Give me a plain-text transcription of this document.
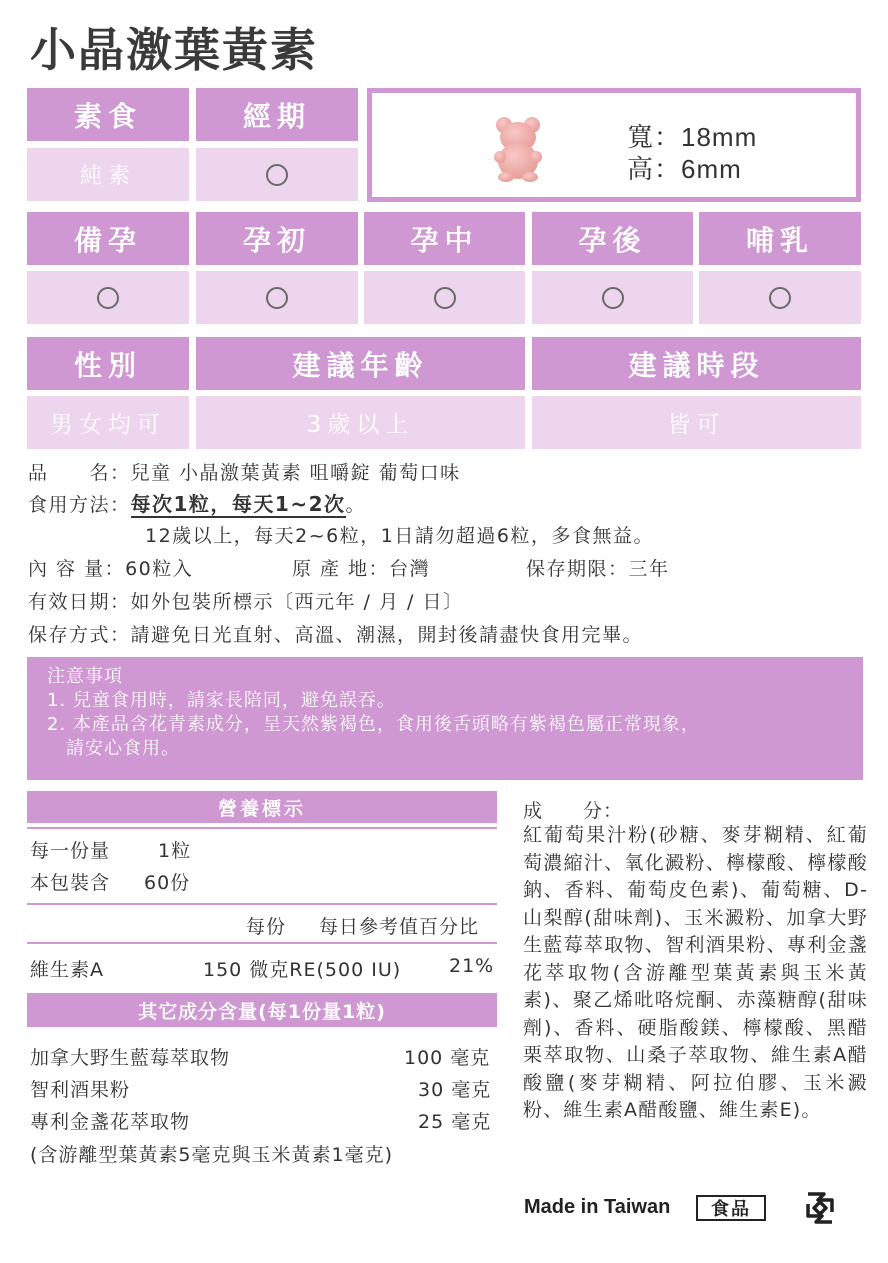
小晶激葉黃素
素食	經期
純素
寬：18mm
高：6mm
備孕	孕初	孕中	孕後	哺乳
性別	建議年齡	建議時段
男女均可	3歲以上	皆可
品　　名：兒童 小晶激葉黃素 咀嚼錠 葡萄口味
食用方法：每次1粒，每天1~2次。
12歲以上，每天2~6粒，1日請勿超過6粒，多食無益。
內 容 量：60粒入	原 產 地：台灣	保存期限：三年
有效日期：如外包裝所標示〔西元年 / 月 / 日〕
保存方式：請避免日光直射、高溫、潮濕，開封後請盡快食用完畢。
注意事項
1. 兒童食用時，請家長陪同，避免誤吞。
2. 本產品含花青素成分，呈天然紫褐色，食用後舌頭略有紫褐色屬正常現象，
　請安心食用。
營養標示
每一份量	1粒
本包裝含 60份
每份 每日參考值百分比
維生素A	150 微克RE(500 IU)	21%
其它成分含量(每1份量1粒)
加拿大野生藍莓萃取物	100 毫克
智利酒果粉	30 毫克
專利金盞花萃取物	25 毫克
(含游離型葉黃素5毫克與玉米黃素1毫克)
成　　分：
紅葡萄果汁粉(砂糖、麥芽糊精、紅葡萄濃縮汁、氧化澱粉、檸檬酸、檸檬酸鈉、香料、葡萄皮色素)、葡萄糖、D-山梨醇(甜味劑)、玉米澱粉、加拿大野生藍莓萃取物、智利酒果粉、專利金盞花萃取物(含游離型葉黃素與玉米黃素)、聚乙烯吡咯烷酮、赤藻糖醇(甜味劑)、香料、硬脂酸鎂、檸檬酸、黑醋栗萃取物、山桑子萃取物、維生素A醋酸鹽(麥芽糊精、阿拉伯膠、玉米澱粉、維生素A醋酸鹽、維生素E)。
Made in Taiwan	食品
